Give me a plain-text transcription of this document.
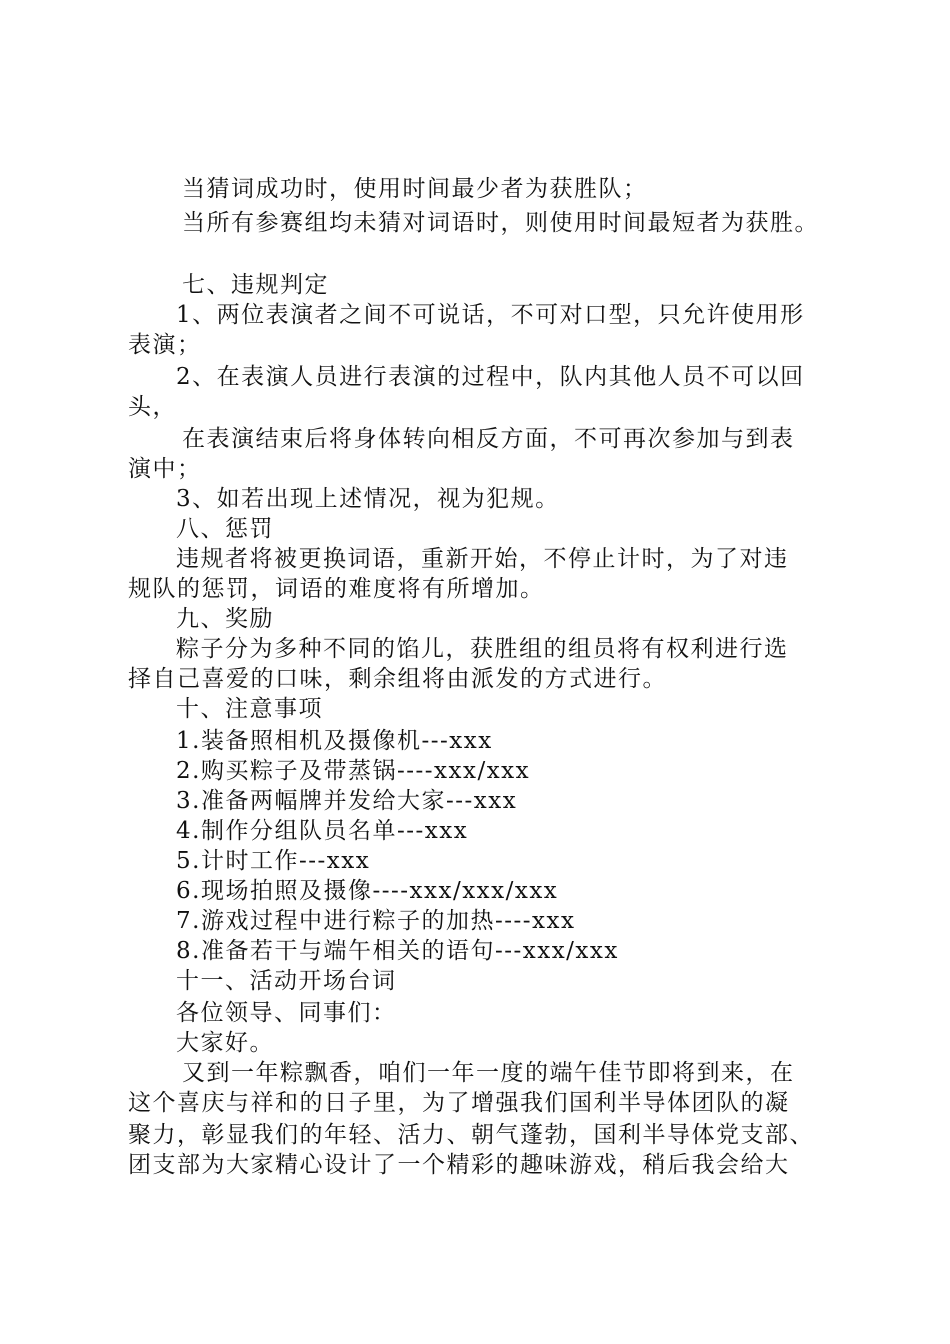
当猜词成功时，使用时间最少者为获胜队；
当所有参赛组均未猜对词语时，则使用时间最短者为获胜。
七、违规判定
1、两位表演者之间不可说话，不可对口型，只允许使用形
表演；
2、在表演人员进行表演的过程中，队内其他人员不可以回
头，
在表演结束后将身体转向相反方面，不可再次参加与到表
演中；
3、如若出现上述情况，视为犯规。
八、惩罚
违规者将被更换词语，重新开始，不停止计时，为了对违
规队的惩罚，词语的难度将有所增加。
九、奖励
粽子分为多种不同的馅儿，获胜组的组员将有权利进行选
择自己喜爱的口味，剩余组将由派发的方式进行。
十、注意事项
1.装备照相机及摄像机---xxx
2.购买粽子及带蒸锅----xxx/xxx
3.准备两幅牌并发给大家---xxx
4.制作分组队员名单---xxx
5.计时工作---xxx
6.现场拍照及摄像----xxx/xxx/xxx
7.游戏过程中进行粽子的加热----xxx
8.准备若干与端午相关的语句---xxx/xxx
十一、活动开场台词
各位领导、同事们：
大家好。
又到一年粽飘香，咱们一年一度的端午佳节即将到来，在
这个喜庆与祥和的日子里，为了增强我们国利半导体团队的凝
聚力，彰显我们的年轻、活力、朝气蓬勃，国利半导体党支部、
团支部为大家精心设计了一个精彩的趣味游戏，稍后我会给大
